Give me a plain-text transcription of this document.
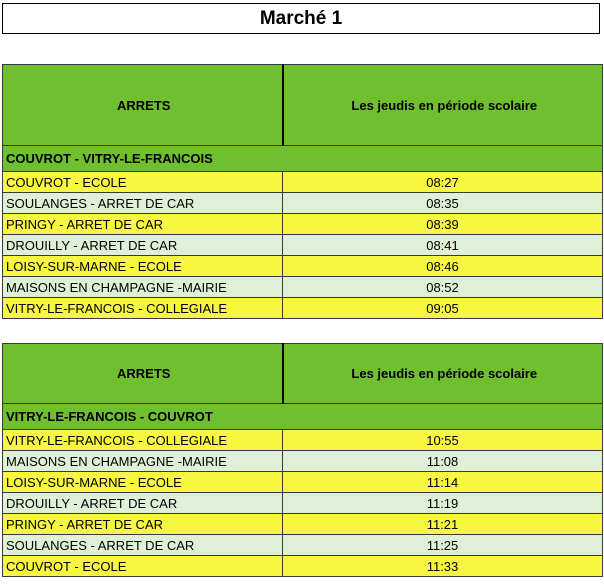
Marché 1
ARRETS	Les jeudis en période scolaire
COUVROT - VITRY-LE-FRANCOIS	
COUVROT - ECOLE	08:27
SOULANGES - ARRET DE CAR	08:35
PRINGY - ARRET DE CAR	08:39
DROUILLY - ARRET DE CAR	08:41
LOISY-SUR-MARNE - ECOLE	08:46
MAISONS EN CHAMPAGNE -MAIRIE	08:52
VITRY-LE-FRANCOIS - COLLEGIALE	09:05
ARRETS	Les jeudis en période scolaire
VITRY-LE-FRANCOIS - COUVROT	
VITRY-LE-FRANCOIS - COLLEGIALE	10:55
MAISONS EN CHAMPAGNE -MAIRIE	11:08
LOISY-SUR-MARNE - ECOLE	11:14
DROUILLY - ARRET DE CAR	11:19
PRINGY - ARRET DE CAR	11:21
SOULANGES - ARRET DE CAR	11:25
COUVROT - ECOLE	11:33
